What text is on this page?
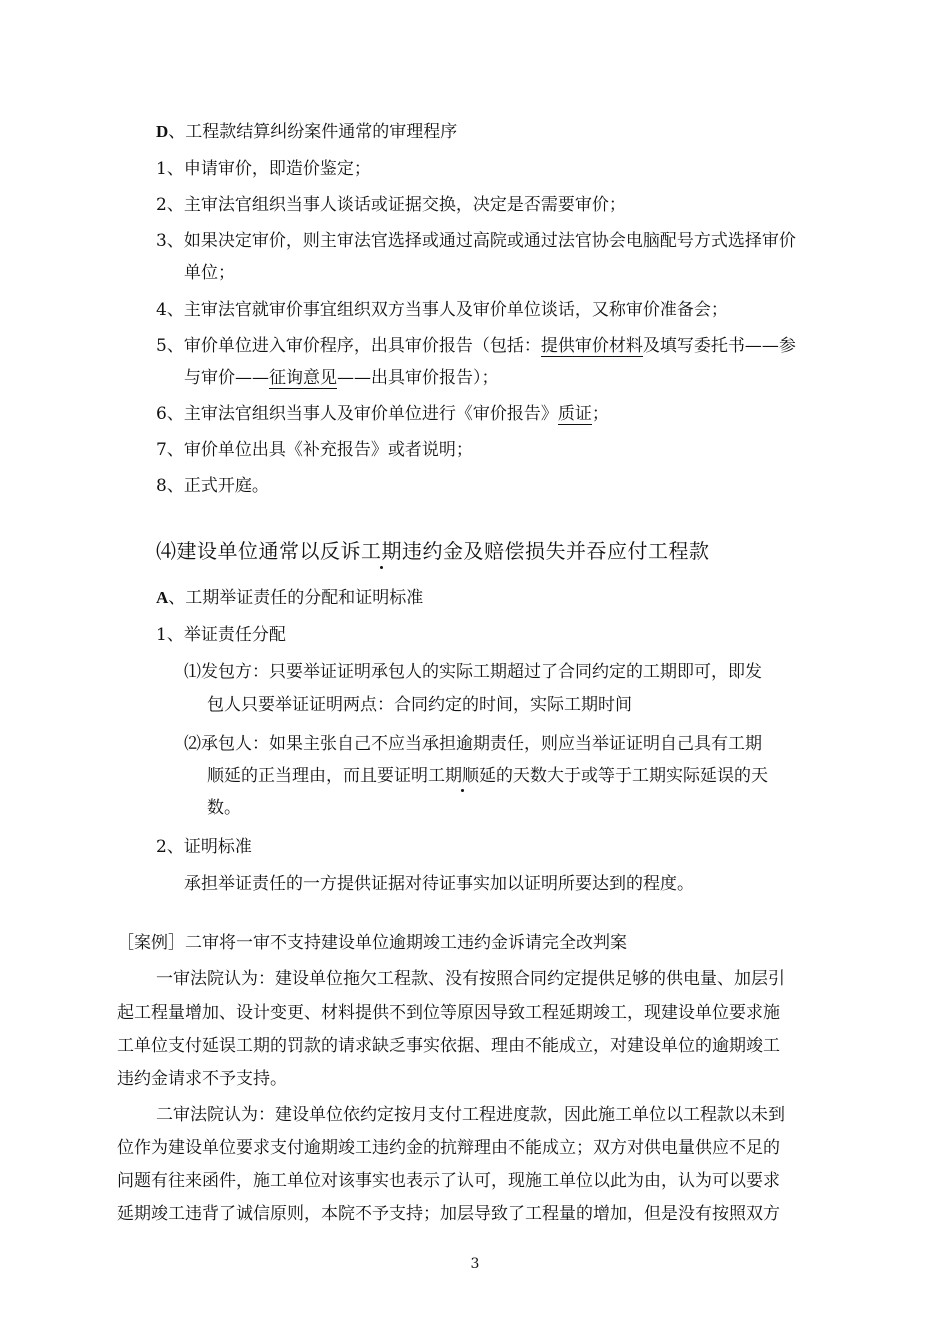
D、工程款结算纠纷案件通常的审理程序
1、申请审价，即造价鉴定；
2、主审法官组织当事人谈话或证据交换，决定是否需要审价；
3、如果决定审价，则主审法官选择或通过高院或通过法官协会电脑配号方式选择审价
单位；
4、主审法官就审价事宜组织双方当事人及审价单位谈话，又称审价准备会；
5、审价单位进入审价程序，出具审价报告（包括：提供审价材料及填写委托书——参
与审价——征询意见——出具审价报告）；
6、主审法官组织当事人及审价单位进行《审价报告》质证；
7、审价单位出具《补充报告》或者说明；
8、正式开庭。
⑷建设单位通常以反诉工期违约金及赔偿损失并吞应付工程款
A、工期举证责任的分配和证明标准
1、举证责任分配
⑴发包方：只要举证证明承包人的实际工期超过了合同约定的工期即可，即发
包人只要举证证明两点：合同约定的时间，实际工期时间
⑵承包人：如果主张自己不应当承担逾期责任，则应当举证证明自己具有工期
顺延的正当理由，而且要证明工期顺延的天数大于或等于工期实际延误的天
数。
2、证明标准
承担举证责任的一方提供证据对待证事实加以证明所要达到的程度。
［案例］二审将一审不支持建设单位逾期竣工违约金诉请完全改判案
一审法院认为：建设单位拖欠工程款、没有按照合同约定提供足够的供电量、加层引
起工程量增加、设计变更、材料提供不到位等原因导致工程延期竣工，现建设单位要求施
工单位支付延误工期的罚款的请求缺乏事实依据、理由不能成立，对建设单位的逾期竣工
违约金请求不予支持。
二审法院认为：建设单位依约定按月支付工程进度款，因此施工单位以工程款以未到
位作为建设单位要求支付逾期竣工违约金的抗辩理由不能成立；双方对供电量供应不足的
问题有往来函件，施工单位对该事实也表示了认可，现施工单位以此为由，认为可以要求
延期竣工违背了诚信原则，本院不予支持；加层导致了工程量的增加，但是没有按照双方
3
